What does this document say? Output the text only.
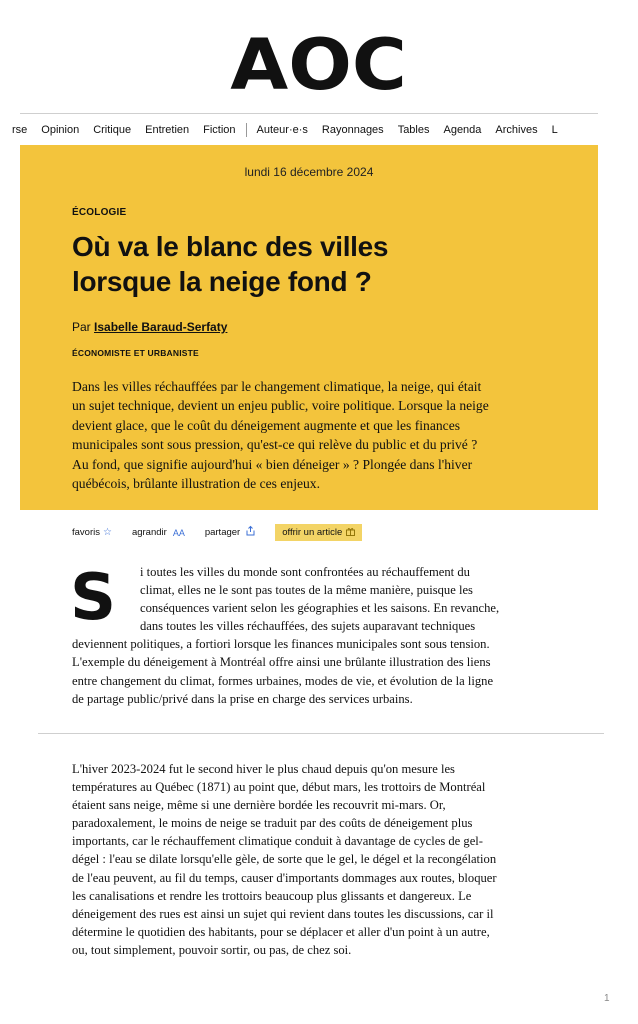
AOC
rse Opinion Critique Entretien Fiction Auteur·e·s Rayonnages Tables Agenda Archives L
lundi 16 décembre 2024
ÉCOLOGIE
Où va le blanc des villes
lorsque la neige fond ?
Par Isabelle Baraud-Serfaty
ÉCONOMISTE ET URBANISTE
Dans les villes réchauffées par le changement climatique, la neige, qui était
un sujet technique, devient un enjeu public, voire politique. Lorsque la neige
devient glace, que le coût du déneigement augmente et que les finances
municipales sont sous pression, qu'est-ce qui relève du public et du privé ?
Au fond, que signifie aujourd'hui « bien déneiger » ? Plongée dans l'hiver
québécois, brûlante illustration de ces enjeux.
favoris ☆ agrandir AA partager	offrir un article
S	i toutes les villes du monde sont confrontées au réchauffement du
climat, elles ne le sont pas toutes de la même manière, puisque les
conséquences varient selon les géographies et les saisons. En revanche,
dans toutes les villes réchauffées, des sujets auparavant techniques
deviennent politiques, a fortiori lorsque les finances municipales sont sous tension.
L'exemple du déneigement à Montréal offre ainsi une brûlante illustration des liens
entre changement du climat, formes urbaines, modes de vie, et évolution de la ligne
de partage public/privé dans la prise en charge des services urbains.
L'hiver 2023-2024 fut le second hiver le plus chaud depuis qu'on mesure les
températures au Québec (1871) au point que, début mars, les trottoirs de Montréal
étaient sans neige, même si une dernière bordée les recouvrit mi-mars. Or,
paradoxalement, le moins de neige se traduit par des coûts de déneigement plus
importants, car le réchauffement climatique conduit à davantage de cycles de gel-
dégel : l'eau se dilate lorsqu'elle gèle, de sorte que le gel, le dégel et la recongélation
de l'eau peuvent, au fil du temps, causer d'importants dommages aux routes, bloquer
les canalisations et rendre les trottoirs beaucoup plus glissants et dangereux. Le
déneigement des rues est ainsi un sujet qui revient dans toutes les discussions, car il
détermine le quotidien des habitants, pour se déplacer et aller d'un point à un autre,
ou, tout simplement, pouvoir sortir, ou pas, de chez soi.
1
